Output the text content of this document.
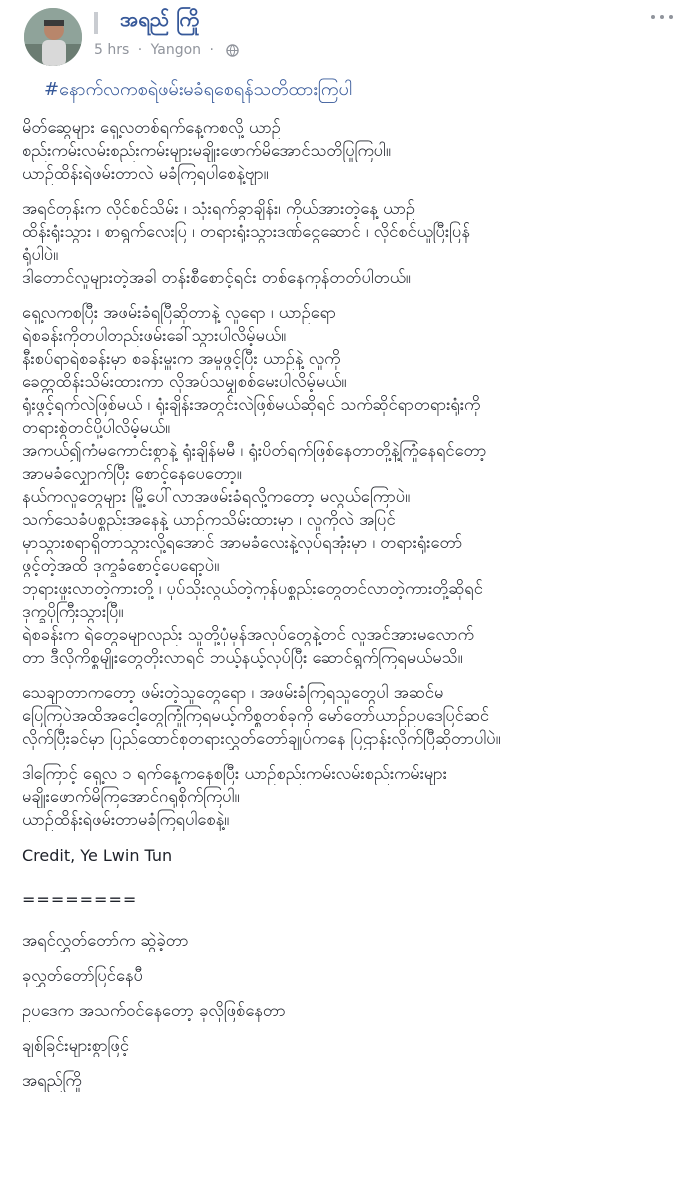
အရည် ကြို
5 hrs · Yangon ·
#နောက်လကစရဲဖမ်းမခံရစေရန်သတိထားကြပါ
မိတ်ဆွေများ ရှေ့လတစ်ရက်နေ့ကစလို့ ယာဉ်
စည်းကမ်းလမ်းစည်းကမ်းများမချိုးဖောက်မိအောင်သတိပြုကြပါ။
ယာဉ်ထိန်းရဲဖမ်းတာလဲ မခံကြရပါစေနဲ့ဗျာ။
အရင်တုန်းက လိုင်စင်သိမ်း ၊ သုံးရက်ခွာချိန်း၊ ကိုယ်အားတဲ့နေ့ ယာဉ်
ထိန်းရုံးသွား ၊ စာရွက်လေးပြ ၊ တရားရုံးသွားဒဏ်ငွေဆောင် ၊ လိုင်စင်ယူပြီးပြန်
ရုံပါပဲ။
ဒါတောင်လူများတဲ့အခါ တန်းစီစောင့်ရင်း တစ်နေကုန်တတ်ပါတယ်။
ရှေ့လကစပြီး အဖမ်းခံရပြီဆိုတာနဲ့ လူရော ၊ ယာဉ်ရော
ရဲစခန်းကိုတပါတည်းဖမ်းခေါ်သွားပါလိမ့်မယ်။
နီးစပ်ရာရဲစခန်းမှာ စခန်းမှူးက အမှုဖွင့်ပြီး ယာဉ်နဲ့ လူကို
ခေတ္တထိန်းသိမ်းထားကာ လိုအပ်သမျှစစ်မေးပါလိမ့်မယ်။
ရုံးဖွင့်ရက်လဲဖြစ်မယ် ၊ ရုံးချိန်းအတွင်းလဲဖြစ်မယ်ဆိုရင် သက်ဆိုင်ရာတရားရုံးကို
တရားစွဲတင်ပို့ပါလိမ့်မယ်။
အကယ်၍ကံမကောင်းစွာနဲ့ ရုံးချိန်မမီ ၊ ရုံးပိတ်ရက်ဖြစ်နေတာတို့နဲ့ကြုံနေရင်တော့
အာမခံလျှောက်ပြီး စောင့်နေပေတော့။
နယ်ကလူတွေများ မြို့ပေါ်လာအဖမ်းခံရလို့ကတော့ မလွယ်ကြောပဲ။
သက်သေခံပစ္စည်းအနေနဲ့ ယာဉ်ကသိမ်းထားမှာ ၊ လူကိုလဲ အပြင်
မှာသွားစရာရှိတာသွားလို့ရအောင် အာမခံလေးနဲ့လုပ်ရအုံးမှာ ၊ တရားရုံးတော်
ဖွင့်တဲ့အထိ ဒုက္ခခံစောင့်ပေရော့ပဲ။
ဘုရားဖူးလာတဲ့ကားတို့ ၊ ပုပ်သိုးလွယ်တဲ့ကုန်ပစ္စည်းတွေတင်လာတဲ့ကားတို့ဆိုရင်
ဒုက္ခပိုကြီးသွားပြီ။
ရဲစခန်းက ရဲတွေခမျာလည်း သူတို့ပုံမှန်အလုပ်တွေနဲ့တင် လူအင်အားမလောက်
တာ ဒီလိုကိစ္စမျိုးတွေတိုးလာရင် ဘယ့်နယ့်လုပ်ပြီး ဆောင်ရွက်ကြရမယ်မသိ။
သေချာတာကတော့ ဖမ်းတဲ့သူတွေရော ၊ အဖမ်းခံကြရသူတွေပါ အဆင်မ
ပြေကြပဲအထိအငေါ့တွေကြုံကြရမယ့်ကိစ္စတစ်ခုကို မော်တော်ယာဉ်ဥပဒေပြင်ဆင်
လိုက်ပြီးခင်မှာ ပြည်ထောင်စုတရားလွှတ်တော်ချုပ်ကနေ ပြဌာန်းလိုက်ပြီဆိုတာပါပဲ။
ဒါကြောင့် ရှေ့လ ၁ ရက်နေ့ကနေစပြီး ယာဉ်စည်းကမ်းလမ်းစည်းကမ်းများ
မချိုးဖောက်မိကြအောင်ဂရုစိုက်ကြပါ။
ယာဉ်ထိန်းရဲဖမ်းတာမခံကြရပါစေနဲ့။
Credit, Ye Lwin Tun
========
အရင်လွှတ်တော်က ဆွဲခဲ့တာ
ခုလွှတ်တော်ပြင်နေပီ
ဥပဒေက အသက်ဝင်နေတော့ ခုလိုဖြစ်နေတာ
ချစ်ခြင်းများစွာဖြင့်
အရည်ကြို
